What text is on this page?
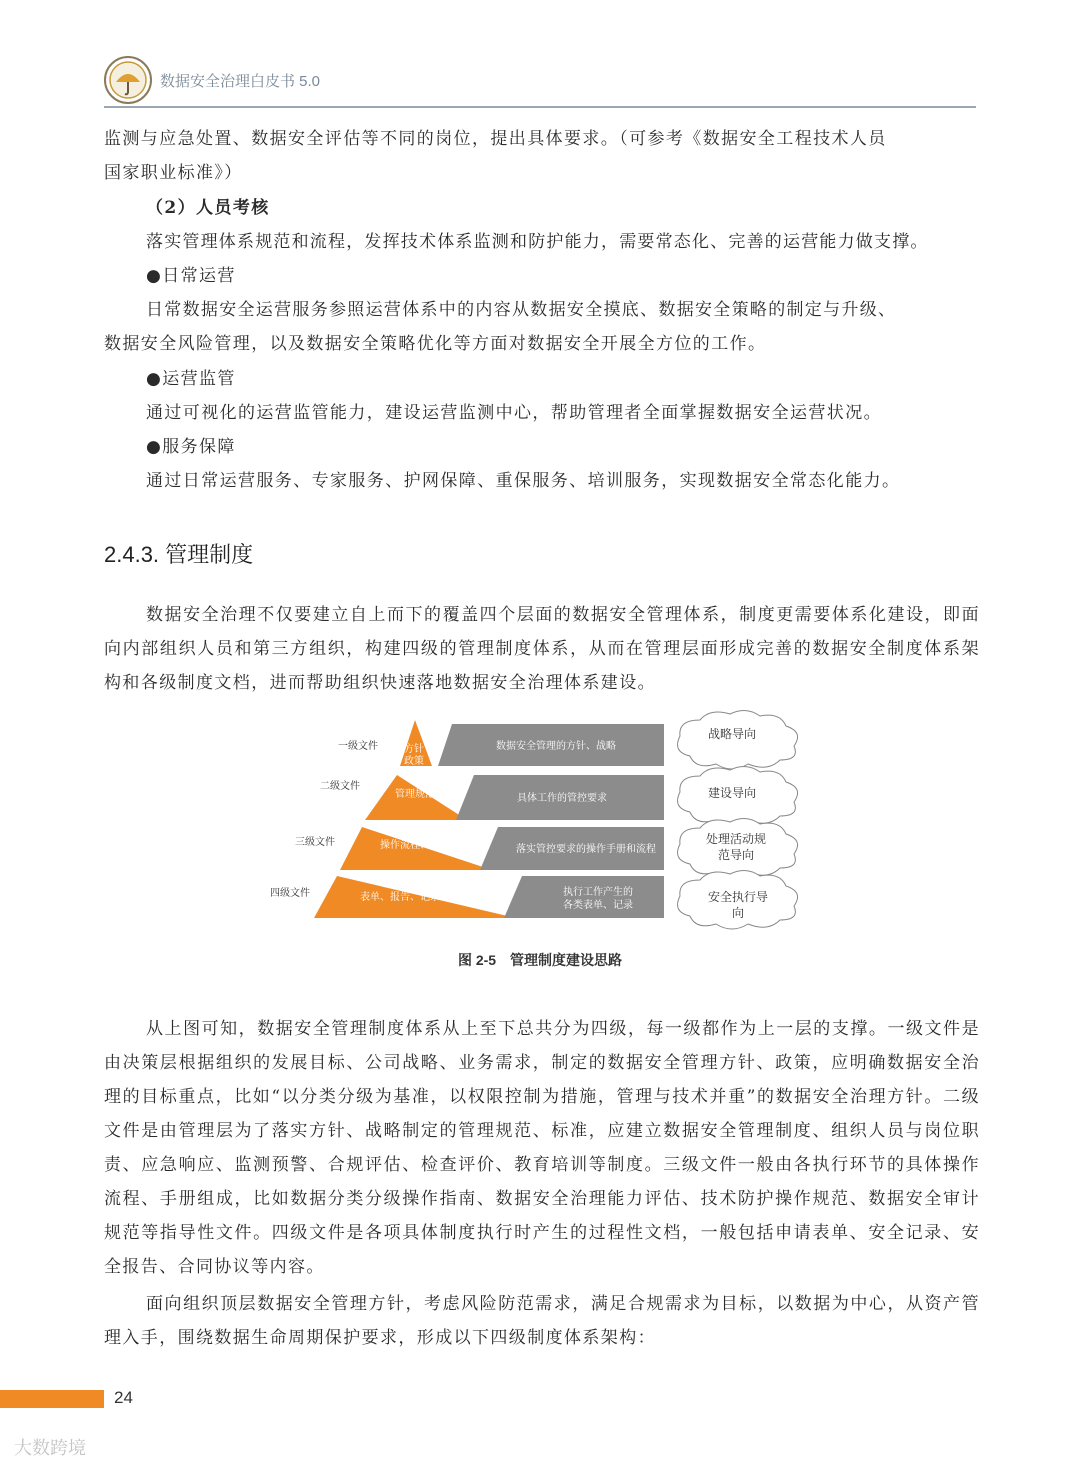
数据安全治理白皮书 5.0
监测与应急处置、数据安全评估等不同的岗位，提出具体要求。（可参考《数据安全工程技术人员
国家职业标准》）
（2）人员考核
落实管理体系规范和流程，发挥技术体系监测和防护能力，需要常态化、完善的运营能力做支撑。
●日常运营
日常数据安全运营服务参照运营体系中的内容从数据安全摸底、数据安全策略的制定与升级、
数据安全风险管理，以及数据安全策略优化等方面对数据安全开展全方位的工作。
●运营监管
通过可视化的运营监管能力，建设运营监测中心，帮助管理者全面掌握数据安全运营状况。
●服务保障
通过日常运营服务、专家服务、护网保障、重保服务、培训服务，实现数据安全常态化能力。
2.4.3. 管理制度
数据安全治理不仅要建立自上而下的覆盖四个层面的数据安全管理体系，制度更需要体系化建设，即面向内部组织人员和第三方组织，构建四级的管理制度体系，从而在管理层面形成完善的数据安全制度体系架构和各级制度文档，进而帮助组织快速落地数据安全治理体系建设。
一级文件
二级文件
三级文件
四级文件
方针
政策
管理规范
操作流程、手册
表单、报告、记录、清单
数据安全管理的方针、战略
具体工作的管控要求
落实管控要求的操作手册和流程
执行工作产生的
各类表单、记录
战略导向
建设导向
处理活动规
范导向
安全执行导
向
图 2-5　管理制度建设思路
从上图可知，数据安全管理制度体系从上至下总共分为四级，每一级都作为上一层的支撑。一级文件是由决策层根据组织的发展目标、公司战略、业务需求，制定的数据安全管理方针、政策，应明确数据安全治理的目标重点，比如“以分类分级为基准，以权限控制为措施，管理与技术并重”的数据安全治理方针。二级文件是由管理层为了落实方针、战略制定的管理规范、标准，应建立数据安全管理制度、组织人员与岗位职责、应急响应、监测预警、合规评估、检查评价、教育培训等制度。三级文件一般由各执行环节的具体操作流程、手册组成，比如数据分类分级操作指南、数据安全治理能力评估、技术防护操作规范、数据安全审计规范等指导性文件。四级文件是各项具体制度执行时产生的过程性文档，一般包括申请表单、安全记录、安全报告、合同协议等内容。
面向组织顶层数据安全管理方针，考虑风险防范需求，满足合规需求为目标，以数据为中心，从资产管理入手，围绕数据生命周期保护要求，形成以下四级制度体系架构：
24
大数跨境
